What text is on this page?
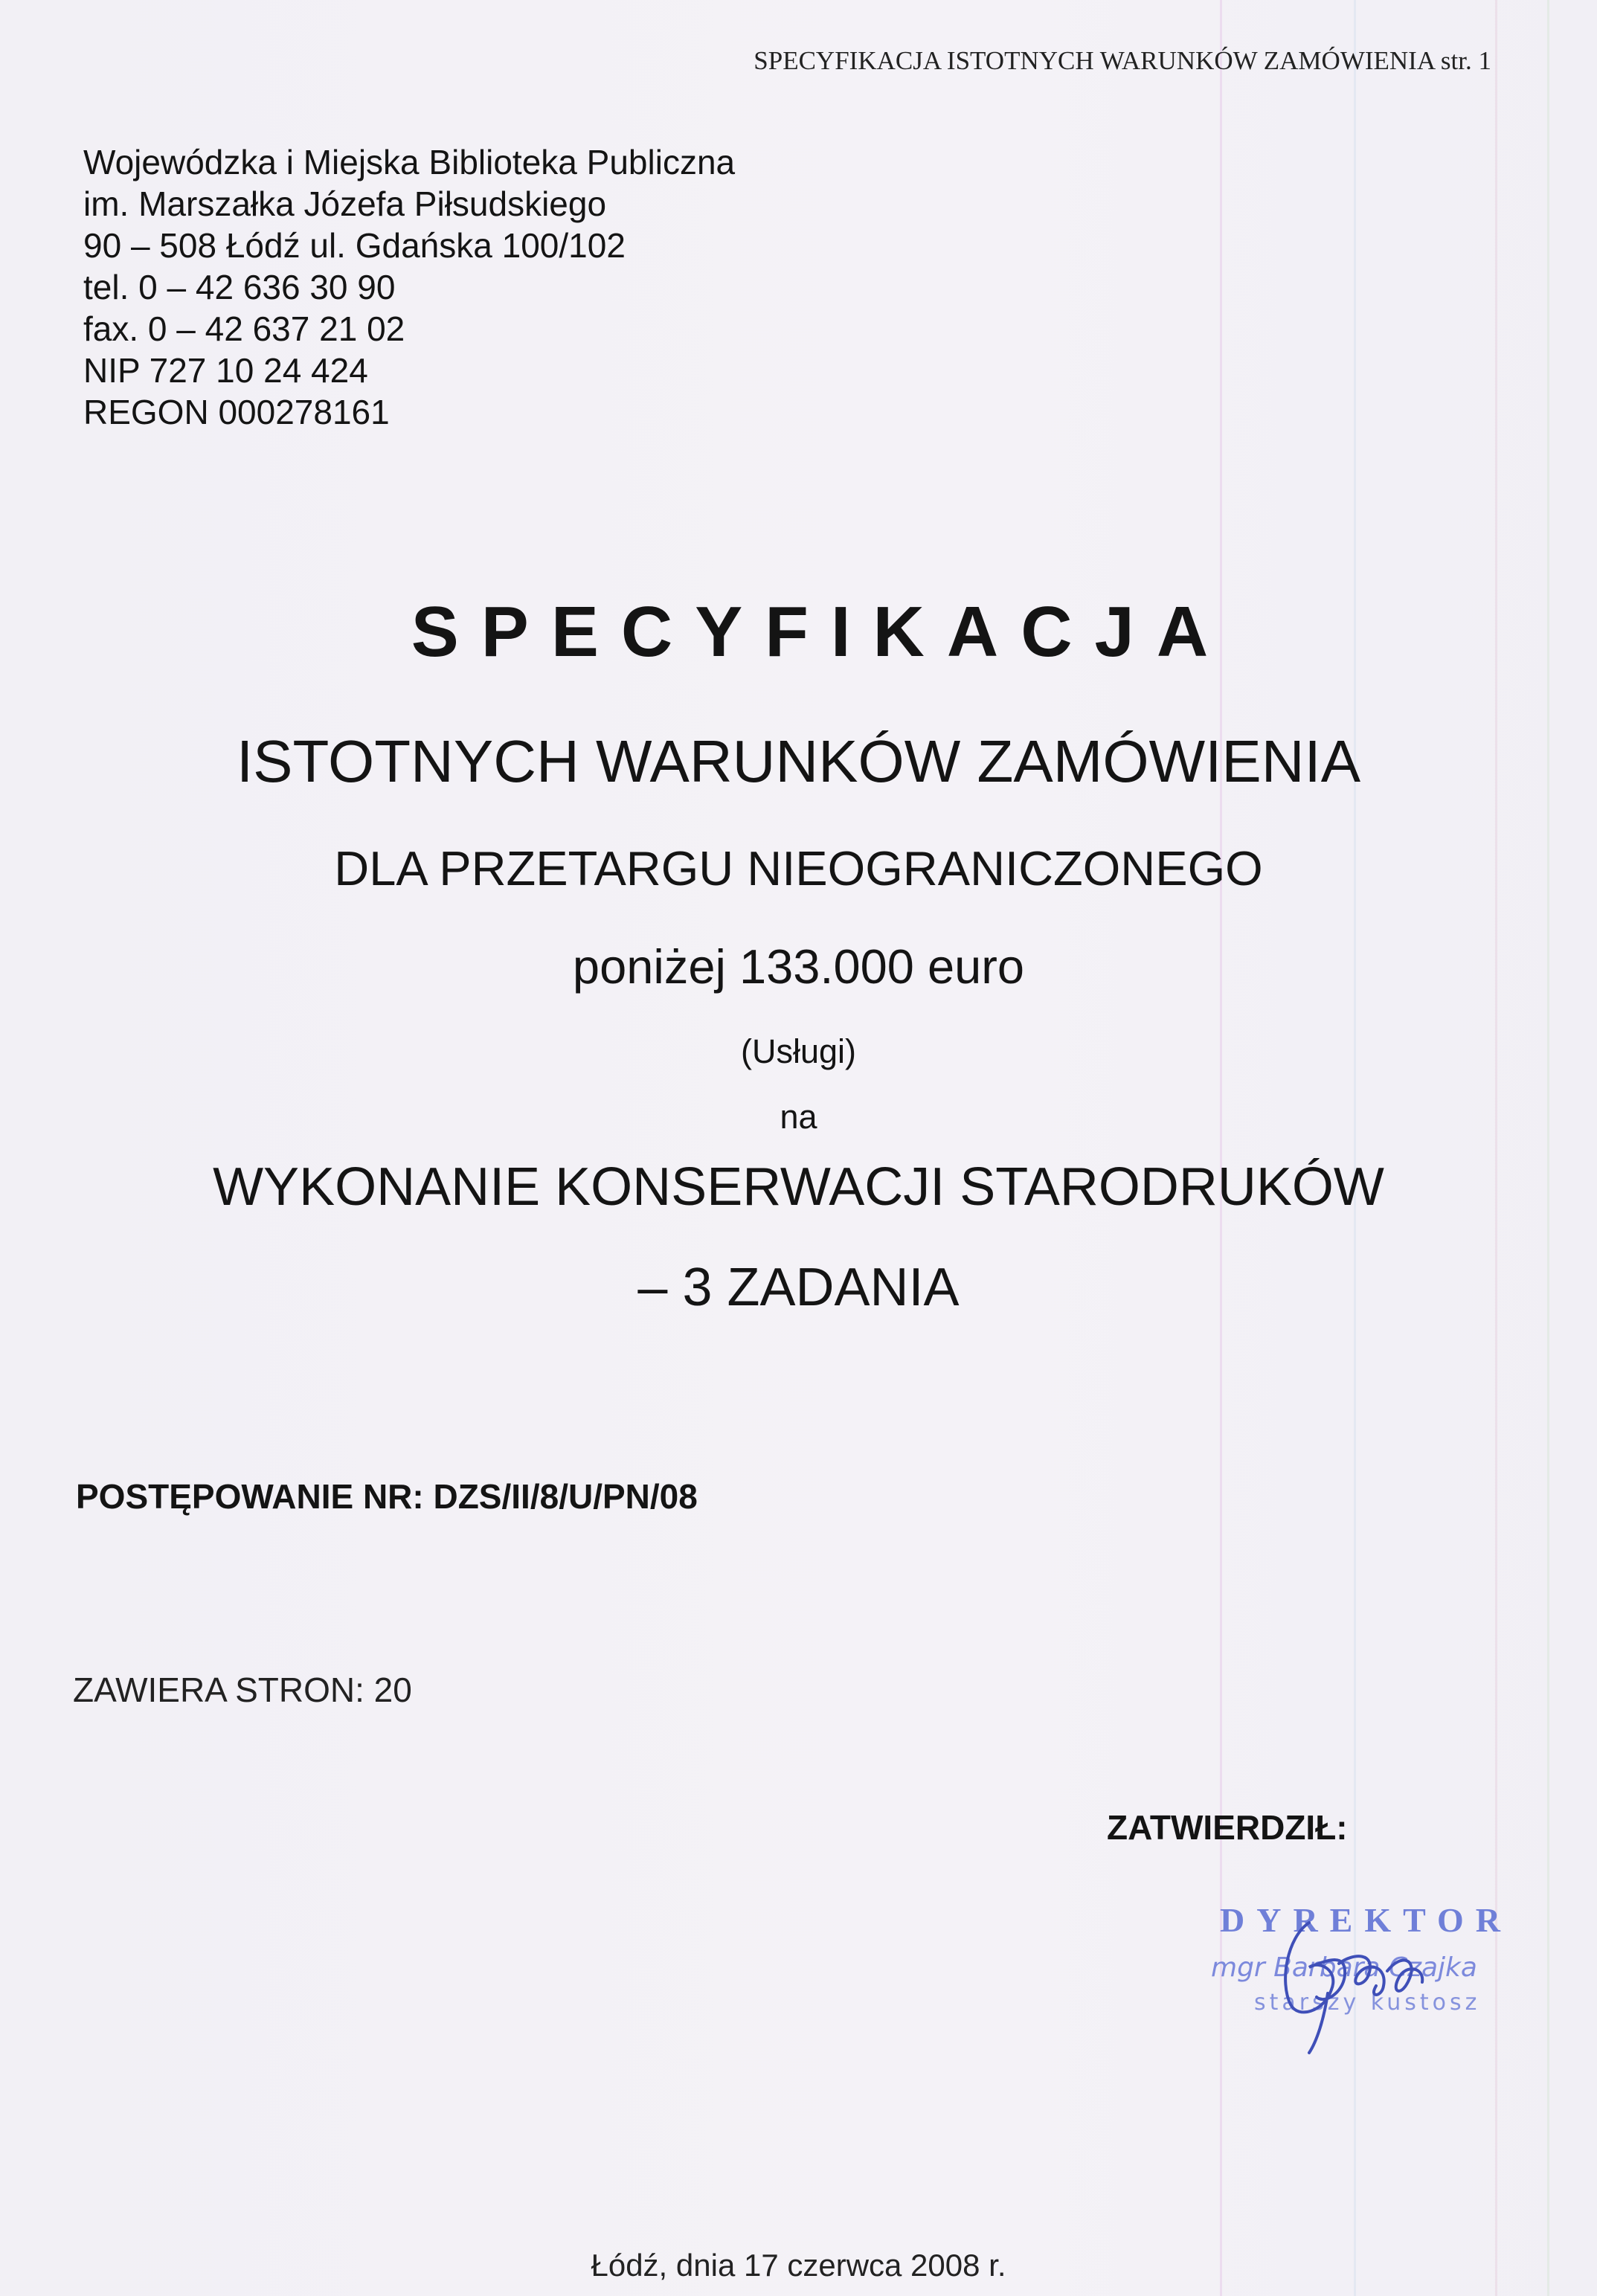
SPECYFIKACJA ISTOTNYCH WARUNKÓW ZAMÓWIENIA str. 1
Wojewódzka i Miejska Biblioteka Publiczna
im. Marszałka Józefa Piłsudskiego
90 – 508 Łódź ul. Gdańska 100/102
tel. 0 – 42 636 30 90
fax. 0 – 42 637 21 02
NIP 727 10 24 424
REGON 000278161
SPECYFIKACJA
ISTOTNYCH WARUNKÓW ZAMÓWIENIA
DLA PRZETARGU NIEOGRANICZONEGO
poniżej 133.000 euro
(Usługi)
na
WYKONANIE KONSERWACJI STARODRUKÓW
– 3 ZADANIA
POSTĘPOWANIE NR: DZS/II/8/U/PN/08
ZAWIERA STRON: 20
ZATWIERDZIŁ:
DYREKTOR
mgr Barbara Czajka
starszy kustosz
Łódź, dnia 17 czerwca 2008 r.
